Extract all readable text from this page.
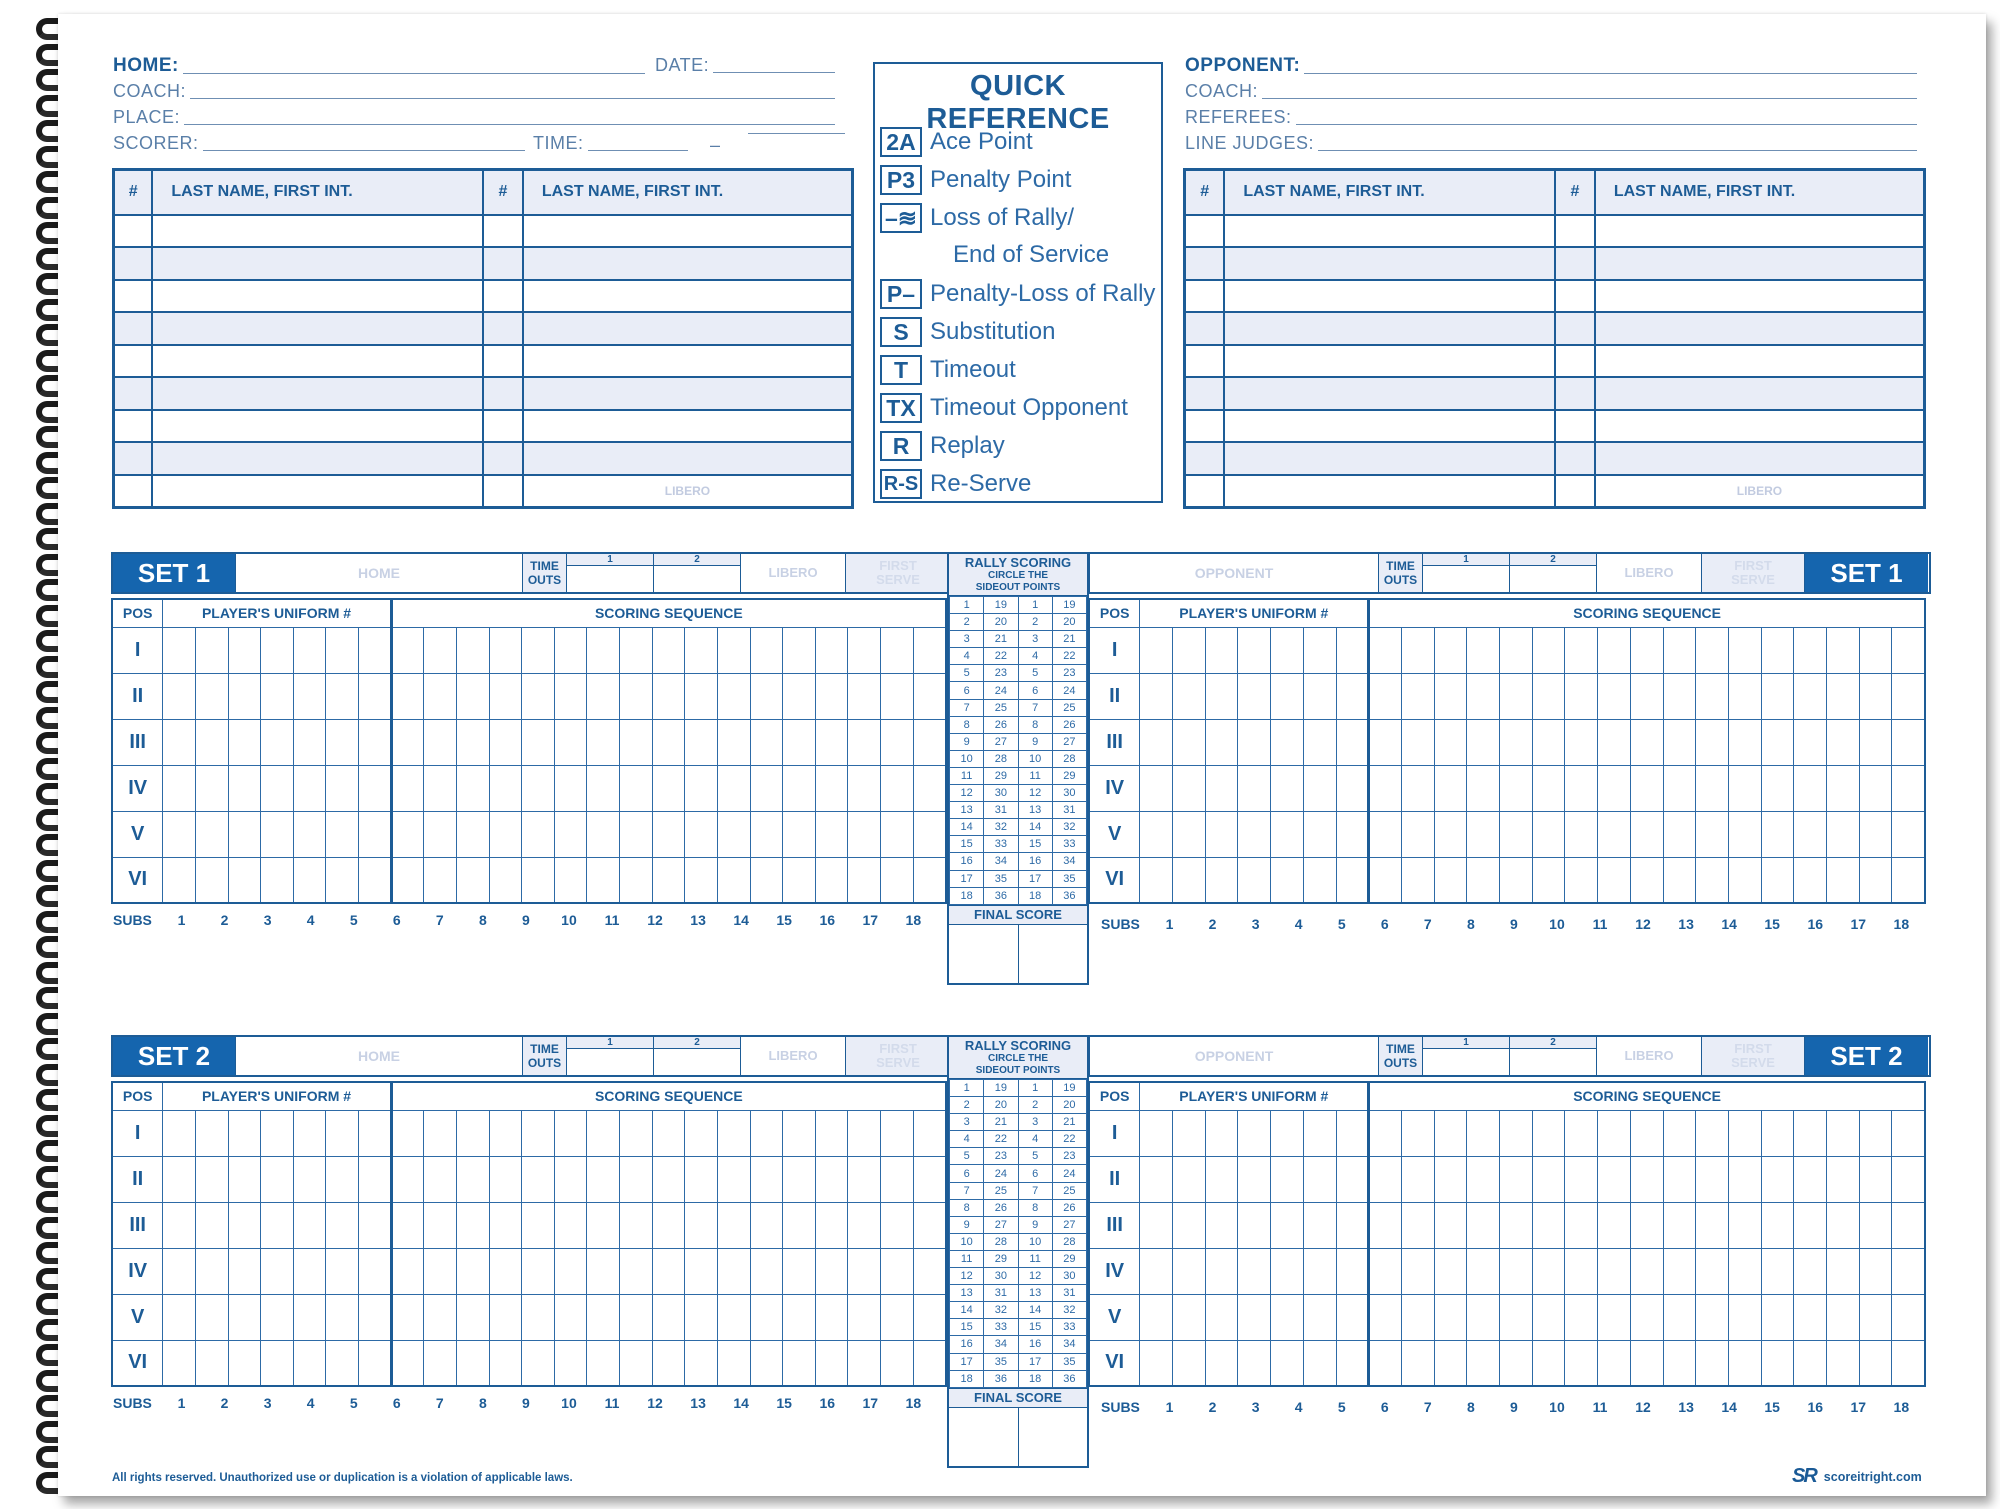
HOME:	DATE:
COACH:
PLACE:
SCORER:	TIME:	–
#	LAST NAME, FIRST INT.	#	LAST NAME, FIRST INT.

			LIBERO
QUICK
REFERENCE
2A Ace Point
P3 Penalty Point
–≋ Loss of Rally/
End of Service
P– Penalty-Loss of Rally
S Substitution
T Timeout
TX Timeout Opponent
R Replay
R-S Re-Serve
OPPONENT:
COACH:
REFEREES:
LINE JUDGES:
#	LAST NAME, FIRST INT.	#	LAST NAME, FIRST INT.

			LIBERO
SET 1	HOME	TIME
OUTS
1	2
LIBERO	FIRST
SERVE	OPPONENT	TIME
OUTS
1	2
LIBERO	FIRST
SERVE	SET 1
POS	PLAYER'S UNIFORM #							SCORING SEQUENCE																
I																								
II																								
III																								
IV																								
V																								
VI																								
POS	PLAYER'S UNIFORM #							SCORING SEQUENCE																
I																								
II																								
III																								
IV																								
V																								
VI																								
RALLY SCORING
CIRCLE THE
SIDEOUT POINTS
1	19	1	19
2	20	2	20
3	21	3	21
4	22	4	22
5	23	5	23
6	24	6	24
7	25	7	25
8	26	8	26
9	27	9	27
10	28	10	28
11	29	11	29
12	30	12	30
13	31	13	31
14	32	14	32
15	33	15	33
16	34	16	34
17	35	17	35
18	36	18	36
FINAL SCORE
SUBS	1	2	3	4	5	6	7	8	9	10	11	12	13	14	15	16	17	18	SUBS	1	2	3	4	5	6	7	8	9	10	11	12	13	14	15	16	17	18
SET 2	HOME	TIME
OUTS
1	2
LIBERO	FIRST
SERVE	OPPONENT	TIME
OUTS
1	2
LIBERO	FIRST
SERVE	SET 2
POS	PLAYER'S UNIFORM #							SCORING SEQUENCE																
I																								
II																								
III																								
IV																								
V																								
VI																								
POS	PLAYER'S UNIFORM #							SCORING SEQUENCE																
I																								
II																								
III																								
IV																								
V																								
VI																								
RALLY SCORING
CIRCLE THE
SIDEOUT POINTS
1	19	1	19
2	20	2	20
3	21	3	21
4	22	4	22
5	23	5	23
6	24	6	24
7	25	7	25
8	26	8	26
9	27	9	27
10	28	10	28
11	29	11	29
12	30	12	30
13	31	13	31
14	32	14	32
15	33	15	33
16	34	16	34
17	35	17	35
18	36	18	36
FINAL SCORE
SUBS	1	2	3	4	5	6	7	8	9	10	11	12	13	14	15	16	17	18	SUBS	1	2	3	4	5	6	7	8	9	10	11	12	13	14	15	16	17	18
All rights reserved. Unauthorized use or duplication is a violation of applicable laws.	SR scoreitright.com
